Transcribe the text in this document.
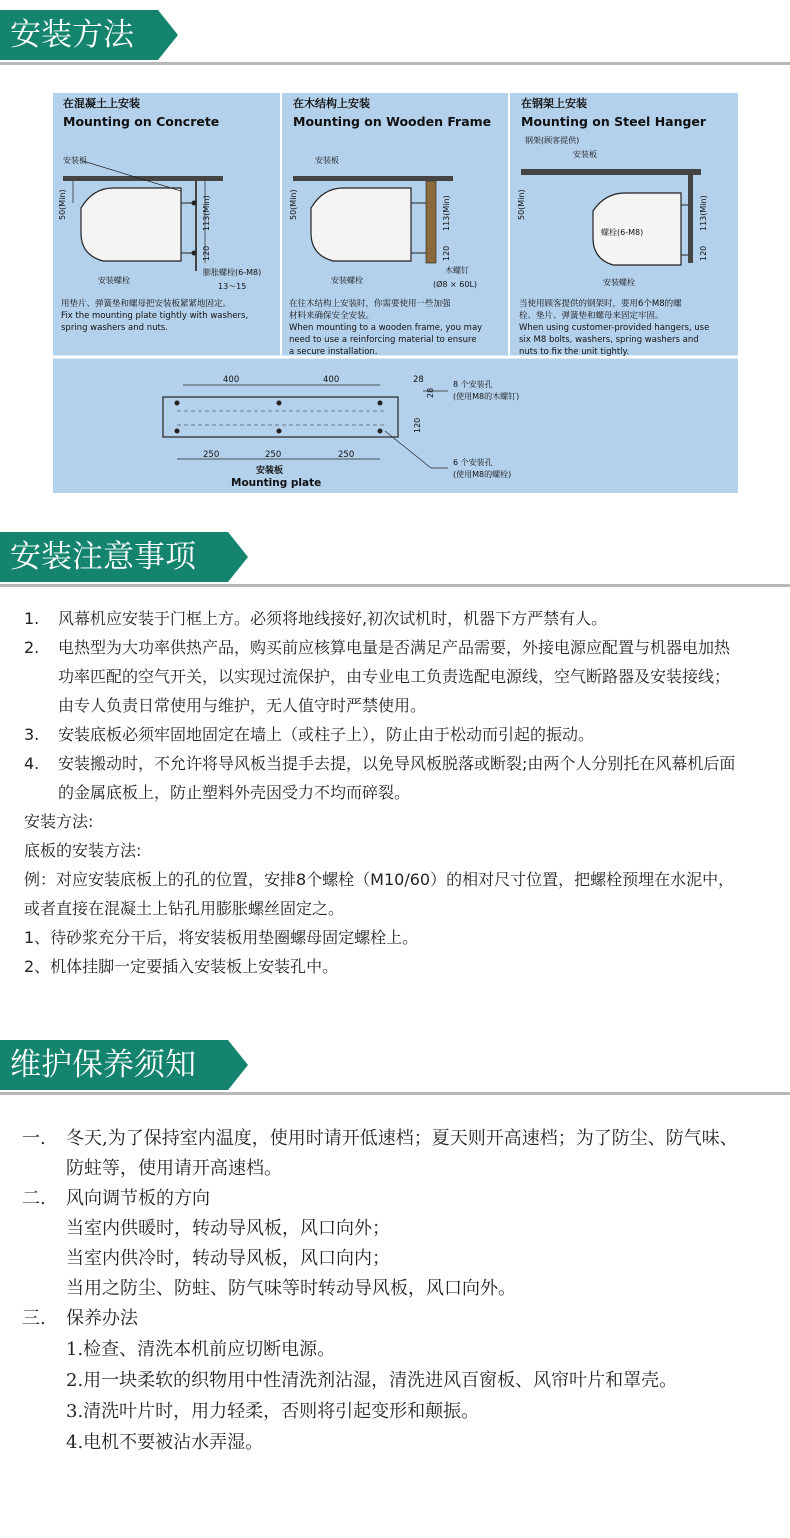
安装方法
在混凝土上安装
Mounting on Concrete
安装板
50(Min)	113(Min)
120
安装螺栓
膨胀螺栓(6-M8)
13～15
用垫片、弹簧垫和螺母把安装板紧紧地固定。
Fix the mounting plate tightly with washers,
spring washers and nuts.
在木结构上安装
Mounting on Wooden Frame
安装板
50(Min)	113(Min)
120
安装螺栓
木螺钉
(Ø8 × 60L)
在往木结构上安装时，你需要使用一些加强
材料来确保安全安装。
When mounting to a wooden frame, you may
need to use a reinforcing material to ensure
a secure installation.
在钢架上安装
Mounting on Steel Hanger
钢架(顾客提供)
安装板
螺栓(6-M8)
50(Min)	113(Min)
120
安装螺栓
当使用顾客提供的钢架时，要用6个M8的螺
栓、垫片、弹簧垫和螺母来固定牢固。
When using customer-provided hangers, use
six M8 bolts, washers, spring washers and
nuts to fix the unit tightly.
400	400	28
28
120
250	250	250
8 个安装孔
(使用M8的木螺钉)
6 个安装孔
(使用M8的螺栓)
安装板
Mounting plate
安装注意事项

1. 风幕机应安装于门框上方。必须将地线接好,初次试机时，机器下方严禁有人。

2. 电热型为大功率供热产品，购买前应核算电量是否满足产品需要，外接电源应配置与机器电加热功率匹配的空气开关，以实现过流保护，由专业电工负责选配电源线，空气断路器及安装接线；由专人负责日常使用与维护，无人值守时严禁使用。

3. 安装底板必须牢固地固定在墙上（或柱子上），防止由于松动而引起的振动。

4. 安装搬动时，不允许将导风板当提手去提，以免导风板脱落或断裂;由两个人分别托在风幕机后面的金属底板上，防止塑料外壳因受力不均而碎裂。

安装方法:

底板的安装方法:

例：对应安装底板上的孔的位置，安排8个螺栓（M10/60）的相对尺寸位置，把螺栓预埋在水泥中，或者直接在混凝土上钻孔用膨胀螺丝固定之。

1、待砂浆充分干后，将安装板用垫圈螺母固定螺栓上。

2、机体挂脚一定要插入安装板上安装孔中。

维护保养须知

一. 冬天,为了保持室内温度，使用时请开低速档；夏天则开高速档；为了防尘、防气味、防蛀等，使用请开高速档。

二. 风向调节板的方向

当室内供暖时，转动导风板，风口向外；

当室内供冷时，转动导风板，风口向内；

当用之防尘、防蛀、防气味等时转动导风板，风口向外。

三. 保养办法

1.检查、清洗本机前应切断电源。

2.用一块柔软的织物用中性清洗剂沾湿，清洗进风百窗板、风帘叶片和罩壳。

3.清洗叶片时，用力轻柔，否则将引起变形和颠振。

4.电机不要被沾水弄湿。
